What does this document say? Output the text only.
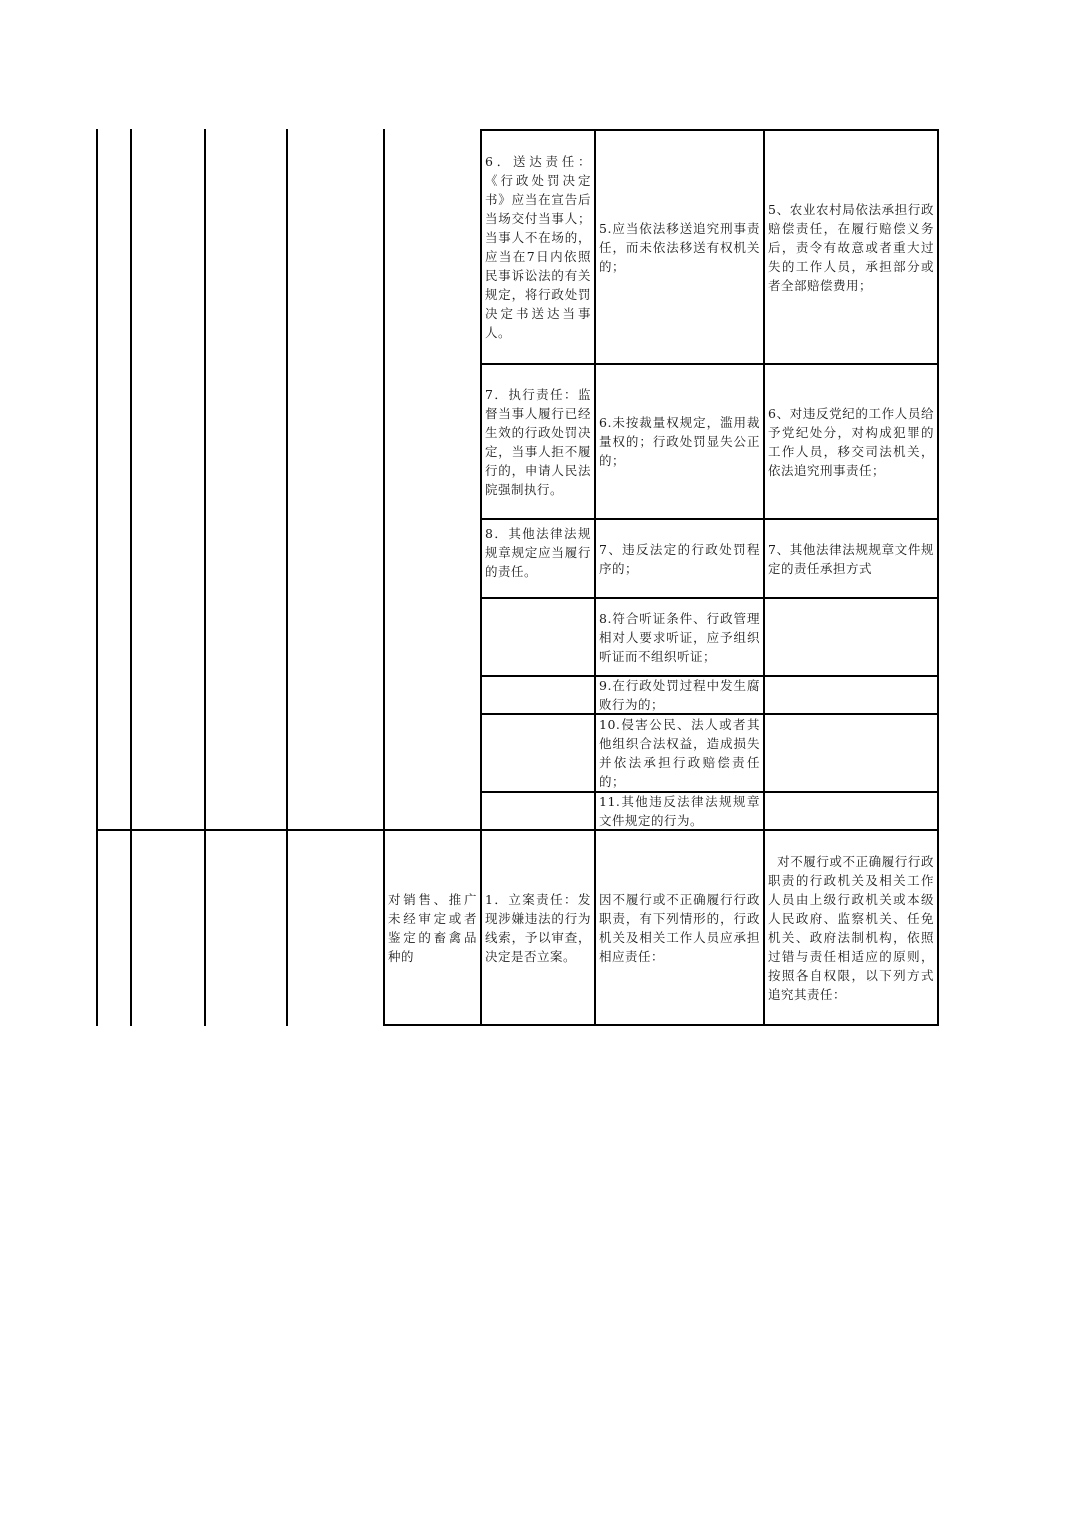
6．送达责任：《行政处罚决定书》应当在宣告后当场交付当事人；当事人不在场的，应当在7日内依照民事诉讼法的有关规定，将行政处罚决定书送达当事人。
5.应当依法移送追究刑事责任，而未依法移送有权机关的；
5、农业农村局依法承担行政赔偿责任，在履行赔偿义务后，责令有故意或者重大过失的工作人员，承担部分或者全部赔偿费用；
7．执行责任：监督当事人履行已经生效的行政处罚决定，当事人拒不履行的，申请人民法院强制执行。
6.未按裁量权规定，滥用裁量权的；行政处罚显失公正的；
6、对违反党纪的工作人员给予党纪处分，对构成犯罪的工作人员，移交司法机关，依法追究刑事责任；
8．其他法律法规规章规定应当履行的责任。
7、违反法定的行政处罚程序的；
7、其他法律法规规章文件规定的责任承担方式
8.符合听证条件、行政管理相对人要求听证，应予组织听证而不组织听证；
9.在行政处罚过程中发生腐败行为的；
10.侵害公民、法人或者其他组织合法权益，造成损失并依法承担行政赔偿责任的；
11.其他违反法律法规规章文件规定的行为。
对销售、推广未经审定或者鉴定的畜禽品种的
1．立案责任：发现涉嫌违法的行为线索，予以审查，决定是否立案。
因不履行或不正确履行行政职责，有下列情形的，行政机关及相关工作人员应承担相应责任：
对不履行或不正确履行行政职责的行政机关及相关工作人员由上级行政机关或本级人民政府、监察机关、任免机关、政府法制机构，依照过错与责任相适应的原则，按照各自权限，以下列方式追究其责任：
